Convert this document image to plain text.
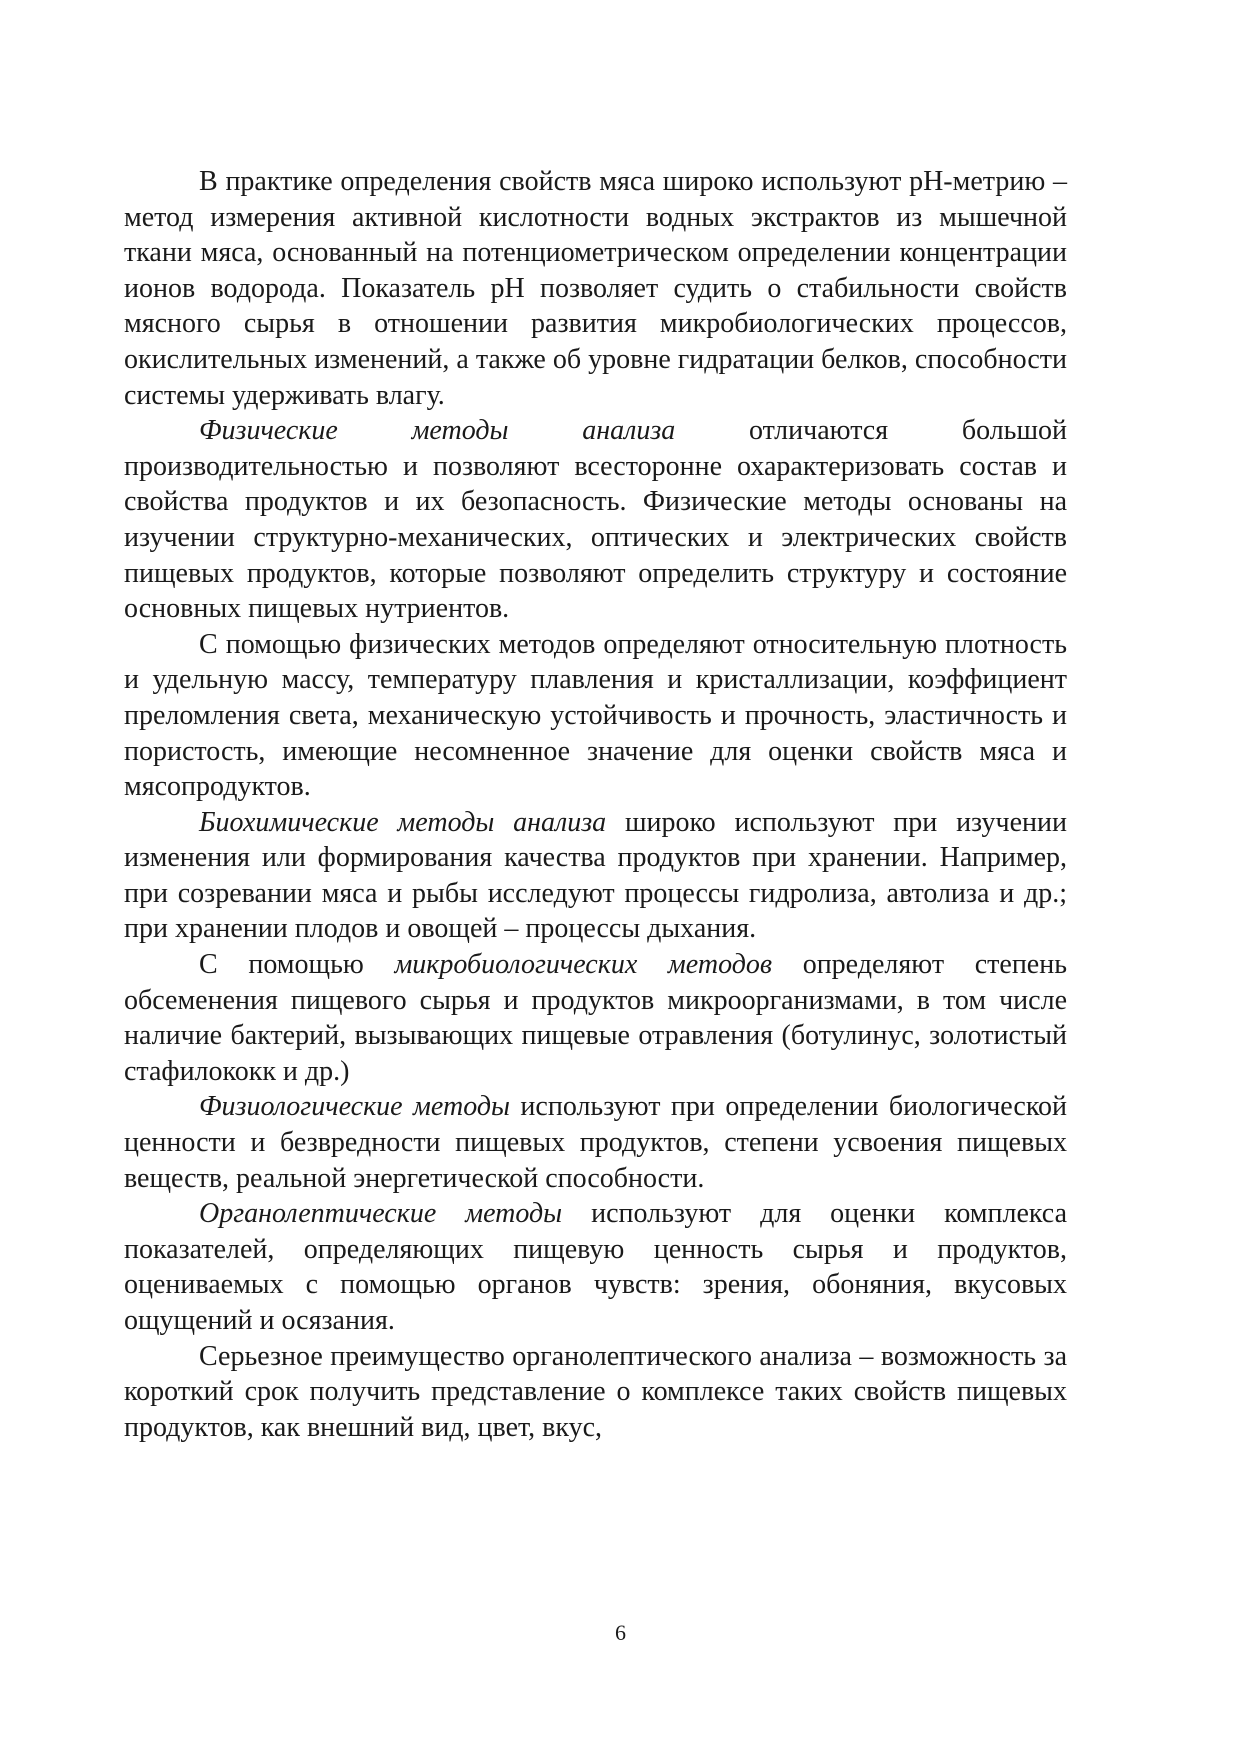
В практике определения свойств мяса широко используют pH-метрию – метод измерения активной кислотности водных экстрактов из мышечной ткани мяса, основанный на потенциометрическом определении концентрации ионов водорода. Показатель pH позволяет судить о стабильности свойств мясного сырья в отношении развития микробиологических процессов, окислительных изменений, а также об уровне гидратации белков, способности системы удерживать влагу.

Физические методы анализа отличаются большой производительностью и позволяют всесторонне охарактеризовать состав и свойства продуктов и их безопасность. Физические методы основаны на изучении структурно-механических, оптических и электрических свойств пищевых продуктов, которые позволяют определить структуру и состояние основных пищевых нутриентов.

С помощью физических методов определяют относительную плотность и удельную массу, температуру плавления и кристаллизации, коэффициент преломления света, механическую устойчивость и прочность, эластичность и пористость, имеющие несомненное значение для оценки свойств мяса и мясопродуктов.

Биохимические методы анализа широко используют при изучении изменения или формирования качества продуктов при хранении. Например, при созревании мяса и рыбы исследуют процессы гидролиза, автолиза и др.; при хранении плодов и овощей – процессы дыхания.

С помощью микробиологических методов определяют степень обсеменения пищевого сырья и продуктов микроорганизмами, в том числе наличие бактерий, вызывающих пищевые отравления (ботулинус, золотистый стафилококк и др.)

Физиологические методы используют при определении биологической ценности и безвредности пищевых продуктов, степени усвоения пищевых веществ, реальной энергетической способности.

Органолептические методы используют для оценки комплекса показателей, определяющих пищевую ценность сырья и продуктов, оцениваемых с помощью органов чувств: зрения, обоняния, вкусовых ощущений и осязания.

Серьезное преимущество органолептического анализа – возможность за короткий срок получить представление о комплексе таких свойств пищевых продуктов, как внешний вид, цвет, вкус,

6
